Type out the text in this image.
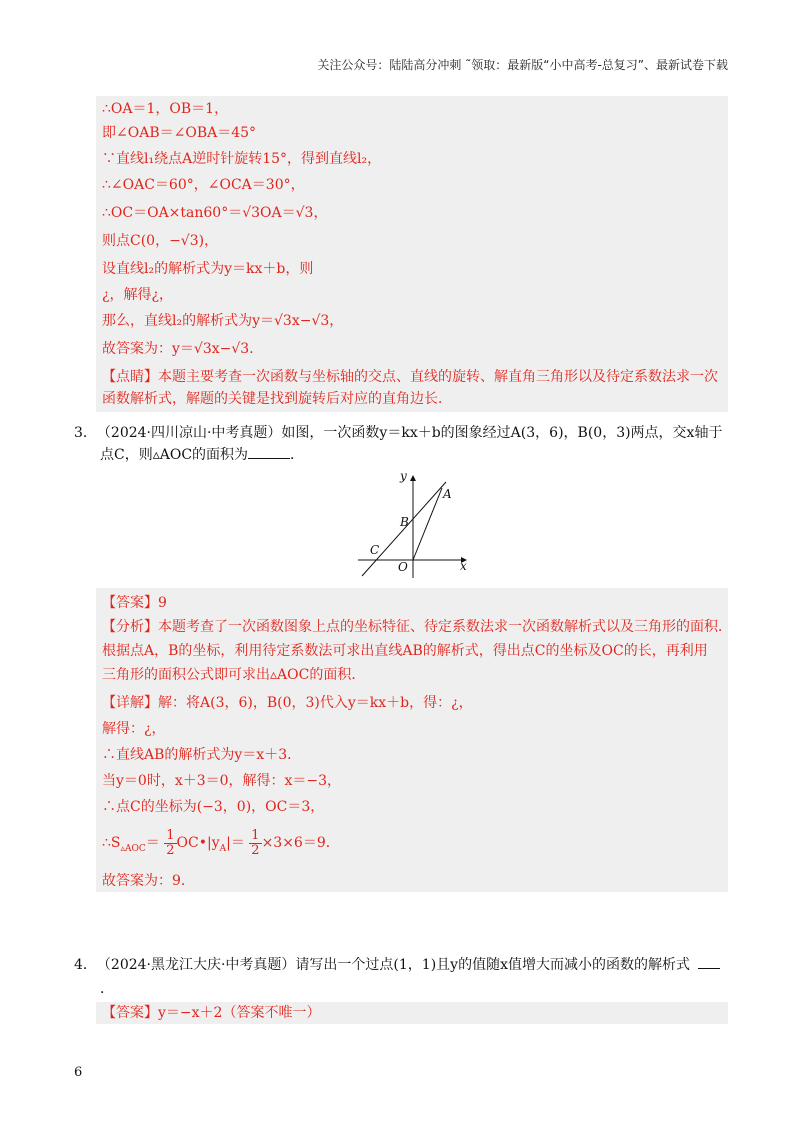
关注公众号：陆陆高分冲刺 ˜领取：最新版“小中高考-总复习”、最新试卷下载
∴OA＝1，OB＝1，
即∠OAB＝∠OBA＝45°
∵直线l₁绕点A逆时针旋转15°，得到直线l₂，
∴∠OAC＝60°，∠OCA＝30°，
∴OC＝OA×tan60°＝√3OA＝√3，
则点C(0，−√3)，
设直线l₂的解析式为y＝kx＋b，则
¿，解得¿，
那么，直线l₂的解析式为y＝√3x−√3，
故答案为：y＝√3x−√3．
【点睛】本题主要考查一次函数与坐标轴的交点、直线的旋转、解直角三角形以及待定系数法求一次
函数解析式，解题的关键是找到旋转后对应的直角边长．
3．　（2024·四川凉山·中考真题）如图，一次函数y＝kx＋b的图象经过A(3，6)，B(0，3)两点，交x轴于
点C，则▵AOC的面积为	．
y
x
A
B
C
O
【答案】9
【分析】本题考查了一次函数图象上点的坐标特征、待定系数法求一次函数解析式以及三角形的面积．
根据点A，B的坐标，利用待定系数法可求出直线AB的解析式，得出点C的坐标及OC的长，再利用
三角形的面积公式即可求出▵AOC的面积．
【详解】解：将A(3，6)，B(0，3)代入y＝kx＋b，得：¿，
解得：¿，
∴直线AB的解析式为y＝x＋3．
当y＝0时，x＋3＝0，解得：x＝−3，
∴点C的坐标为(−3，0)，OC＝3，
$\therefore S_{▵AOC}= \frac{1}{2}$ $OC•|y_A|= \frac{1}{2} \times 3\times 6=9$．
故答案为：9．
4．　（2024·黑龙江大庆·中考真题）请写出一个过点(1，1)且y的值随x值增大而减小的函数的解析式
．
【答案】y＝−x＋2（答案不唯一）
6
